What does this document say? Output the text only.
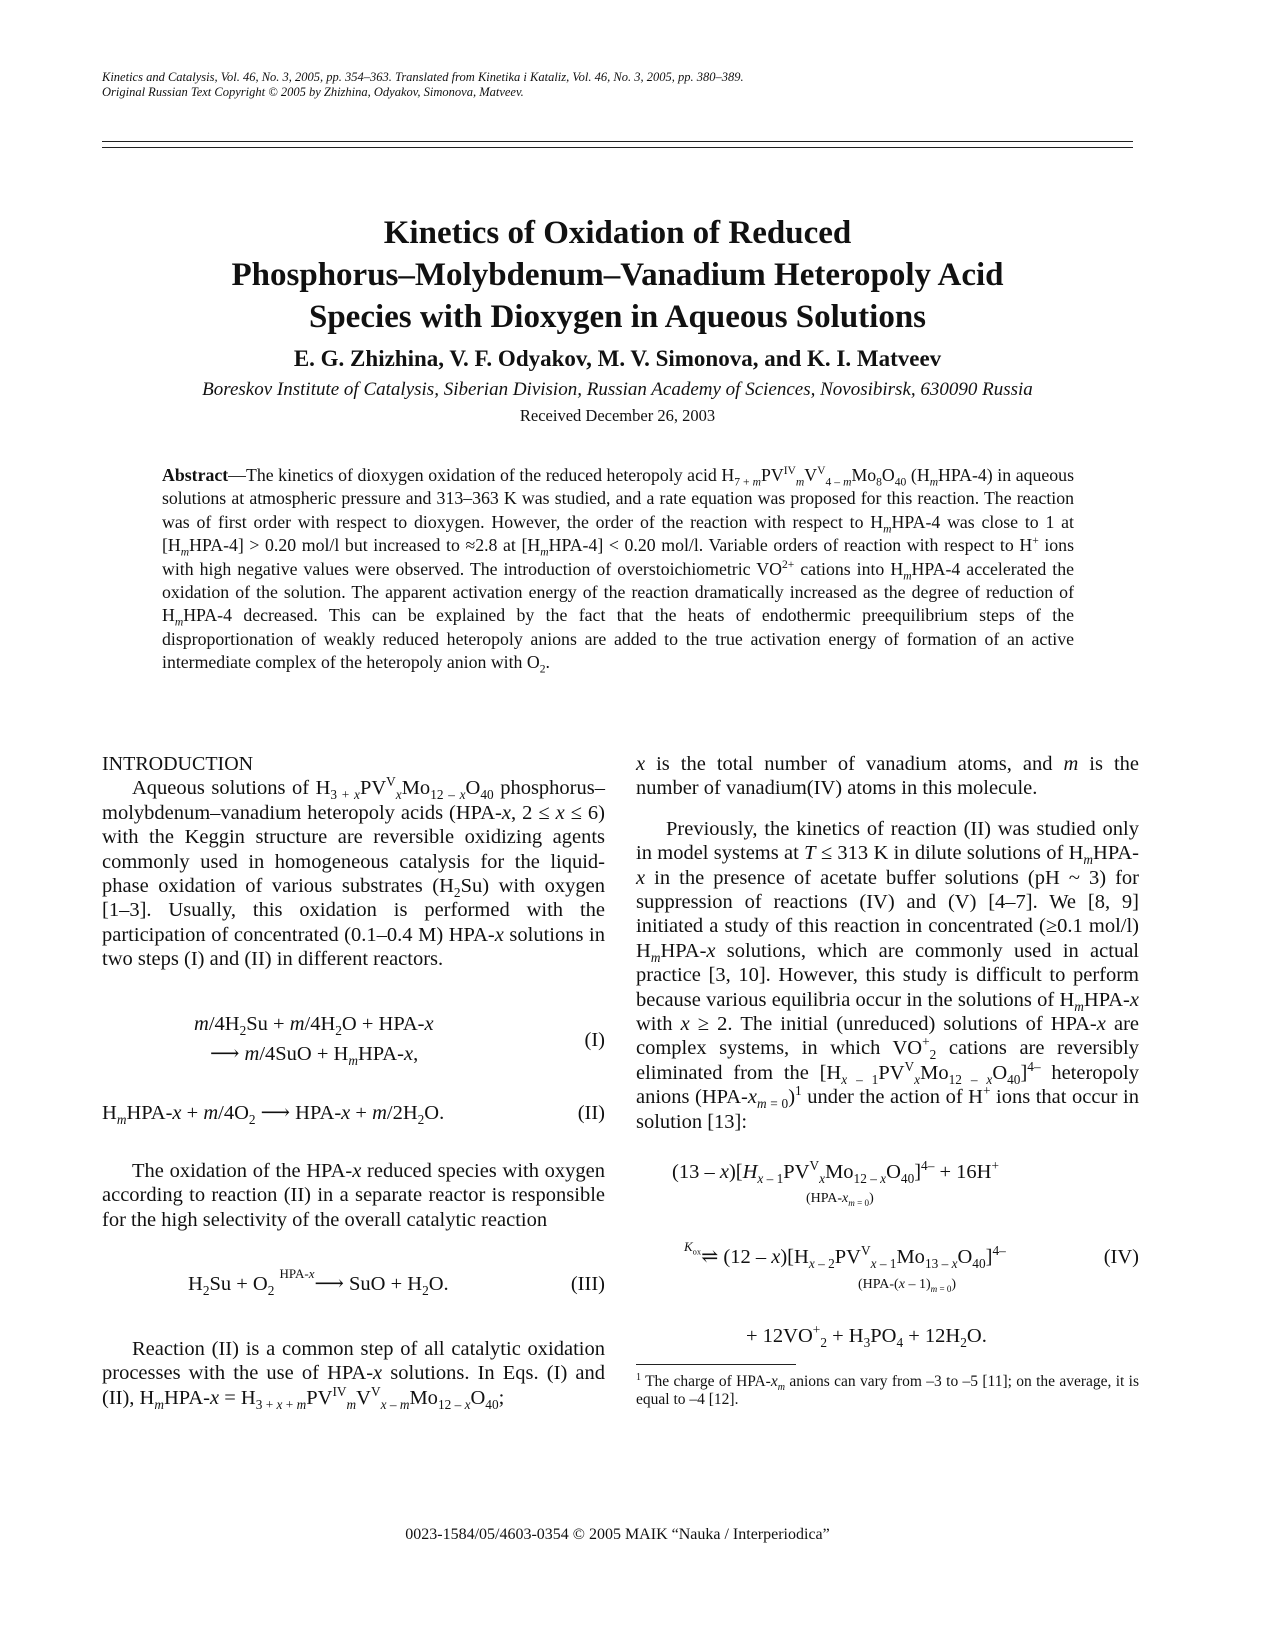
Kinetics and Catalysis, Vol. 46, No. 3, 2005, pp. 354–363. Translated from Kinetika i Kataliz, Vol. 46, No. 3, 2005, pp. 380–389.
Original Russian Text Copyright © 2005 by Zhizhina, Odyakov, Simonova, Matveev.
Kinetics of Oxidation of Reduced
Phosphorus–Molybdenum–Vanadium Heteropoly Acid
Species with Dioxygen in Aqueous Solutions
E. G. Zhizhina, V. F. Odyakov, M. V. Simonova, and K. I. Matveev
Boreskov Institute of Catalysis, Siberian Division, Russian Academy of Sciences, Novosibirsk, 630090 Russia
Received December 26, 2003
Abstract—The kinetics of dioxygen oxidation of the reduced heteropoly acid $H_{7 + m}PV^{IV}_mV^V_{4 - m}Mo_8O_{40}$ $(H_mHPA-4)$ in aqueous solutions at atmospheric pressure and 313–363 K was studied, and a rate equation was proposed for this reaction. The reaction was of first order with respect to dioxygen. However, the order of the reaction with respect to $H_mHPA-4$ was close to 1 at $[H_mHPA-4] > 0.20$ mol/l but increased to ≈2.8 at $[H_mHPA-4] < 0.20$ mol/l. Variable orders of reaction with respect to H+ ions with high negative values were observed. The introduction of overstoichiometric $VO^{2+}$ cations into $H_mHPA-4$ accelerated the oxidation of the solution. The apparent activation energy of the reaction dramatically increased as the degree of reduction of $H_mHPA-4$ decreased. This can be explained by the fact that the heats of endothermic preequilibrium steps of the disproportionation of weakly reduced heteropoly anions are added to the true activation energy of formation of an active intermediate complex of the heteropoly anion with $O_2$.

INTRODUCTION

Aqueous solutions of $H_{3 + x}PV^V_xMo_{12 - x}O_{40}$ phosphorus–molybdenum–vanadium heteropoly acids (HPA-x, 2 ≤ x ≤ 6) with the Keggin structure are reversible oxidizing agents commonly used in homogeneous catalysis for the liquid-phase oxidation of various substrates $(H_2Su)$ with oxygen [1–3]. Usually, this oxidation is performed with the participation of concentrated (0.1–0.4 M) HPA-x solutions in two steps (I) and (II) in different reactors.

$m/4H_2Su + m/4H_2O + HPA-x$
⟶ $m/4SuO + H_mHPA-x$,
(I)
$H_mHPA-x + m/4O_2$ ⟶ $HPA-x + m/2H_2O$.	(II)

The oxidation of the HPA-x reduced species with oxygen according to reaction (II) in a separate reactor is responsible for the high selectivity of the overall catalytic reaction

$H_2Su + O_2$ $^{HPA-x}$⟶ SuO + $H_2O$.	(III)

Reaction (II) is a common step of all catalytic oxidation processes with the use of HPA-x solutions. In Eqs. (I) and (II), $H_mHPA-x = H_{3 + x + m}PV^{IV}_mV^V_{x - m}Mo_{12 - x}O_{40}$;

x is the total number of vanadium atoms, and m is the number of vanadium(IV) atoms in this molecule.

Previously, the kinetics of reaction (II) was studied only in model systems at T ≤ 313 K in dilute solutions of $H_mHPA-x$ in the presence of acetate buffer solutions (pH ~ 3) for suppression of reactions (IV) and (V) [4–7]. We [8, 9] initiated a study of this reaction in concentrated (≥0.1 mol/l) $H_mHPA-x$ solutions, which are commonly used in actual practice [3, 10]. However, this study is difficult to perform because various equilibria occur in the solutions of $H_mHPA-x$ with x ≥ 2. The initial (unreduced) solutions of HPA-x are complex systems, in which $VO^+_2$ cations are reversibly eliminated from the $[H_{x - 1}PV^V_xMo_{12 - x}O_{40}]^{4-}$ heteropoly anions $(HPA-x_{m = 0})^1$ under the action of H+ ions that occur in solution [13]:

$(13 - x)[H_{x - 1}PV^V_xMo_{12 - x}O_{40}]^{4-} + 16H^+$
$(HPA-x_{m = 0})$
$^{K_{ox}}$⇌ $(12 - x)[H_{x - 2}PV^V_{x - 1}Mo_{13 - x}O_{40}]^{4-}$	(IV)
$(HPA-(x - 1)_{m = 0})$
+ $12VO^+_2 + H_3PO_4 + 12H_2O$.

$^1$ The charge of HPA-$x_m$ anions can vary from –3 to –5 [11]; on the average, it is equal to –4 [12].

0023-1584/05/4603-0354 © 2005 MAIK “Nauka / Interperiodica”
